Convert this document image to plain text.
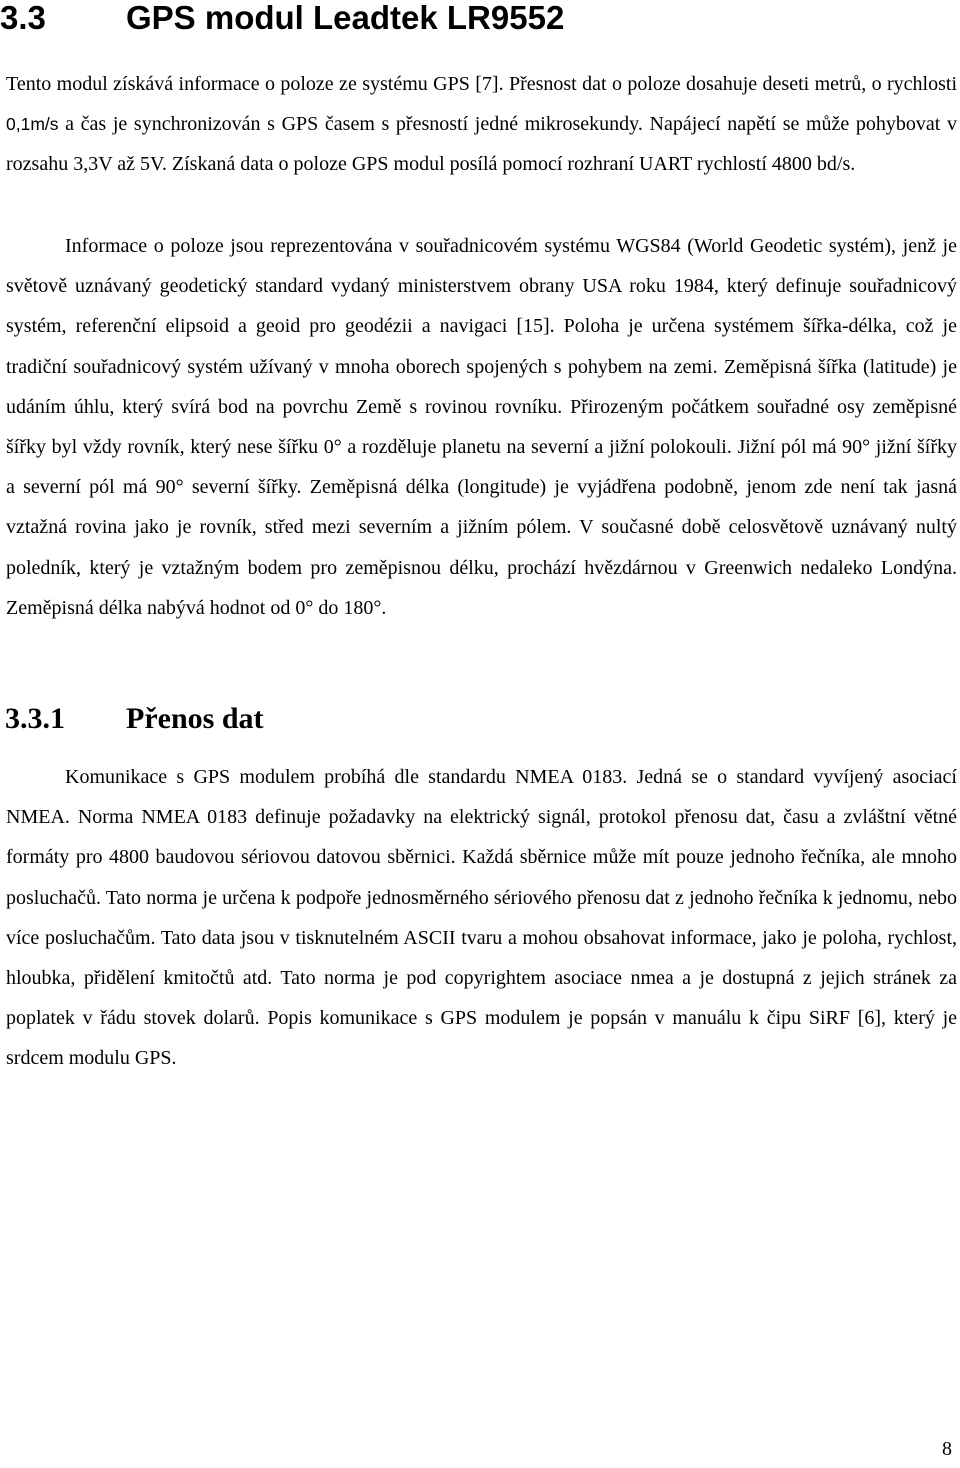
3.3 GPS modul Leadtek LR9552

Tento modul získává informace o poloze ze systému GPS [7]. Přesnost dat o poloze dosahuje deseti metrů, o rychlosti 0,1m/s a čas je synchronizován s GPS časem s přesností jedné mikrosekundy. Napájecí napětí se může pohybovat v rozsahu 3,3V až 5V. Získaná data o poloze GPS modul posílá pomocí rozhraní UART rychlostí 4800 bd/s.

Informace o poloze jsou reprezentována v souřadnicovém systému WGS84 (World Geodetic systém), jenž je světově uznávaný geodetický standard vydaný ministerstvem obrany USA roku 1984, který definuje souřadnicový systém, referenční elipsoid a geoid pro geodézii a navigaci [15]. Poloha je určena systémem šířka-délka, což je tradiční souřadnicový systém užívaný v mnoha oborech spojených s pohybem na zemi. Zeměpisná šířka (latitude) je udáním úhlu, který svírá bod na povrchu Země s rovinou rovníku. Přirozeným počátkem souřadné osy zeměpisné šířky byl vždy rovník, který nese šířku 0° a rozděluje planetu na severní a jižní polokouli. Jižní pól má 90° jižní šířky a severní pól má 90° severní šířky. Zeměpisná délka (longitude) je vyjádřena podobně, jenom zde není tak jasná vztažná rovina jako je rovník, střed mezi severním a jižním pólem. V současné době celosvětově uznávaný nultý poledník, který je vztažným bodem pro zeměpisnou délku, prochází hvězdárnou v Greenwich nedaleko Londýna. Zeměpisná délka nabývá hodnot od 0° do 180°.

3.3.1 Přenos dat

Komunikace s GPS modulem probíhá dle standardu NMEA 0183. Jedná se o standard vyvíjený asociací NMEA. Norma NMEA 0183 definuje požadavky na elektrický signál, protokol přenosu dat, času a zvláštní větné formáty pro 4800 baudovou sériovou datovou sběrnici. Každá sběrnice může mít pouze jednoho řečníka, ale mnoho posluchačů. Tato norma je určena k podpoře jednosměrného sériového přenosu dat z jednoho řečníka k jednomu, nebo více posluchačům. Tato data jsou v tisknutelném ASCII tvaru a mohou obsahovat informace, jako je poloha, rychlost, hloubka, přidělení kmitočtů atd. Tato norma je pod copyrightem asociace nmea a je dostupná z jejich stránek za poplatek v řádu stovek dolarů. Popis komunikace s GPS modulem je popsán v manuálu k čipu SiRF [6], který je srdcem modulu GPS.

8
